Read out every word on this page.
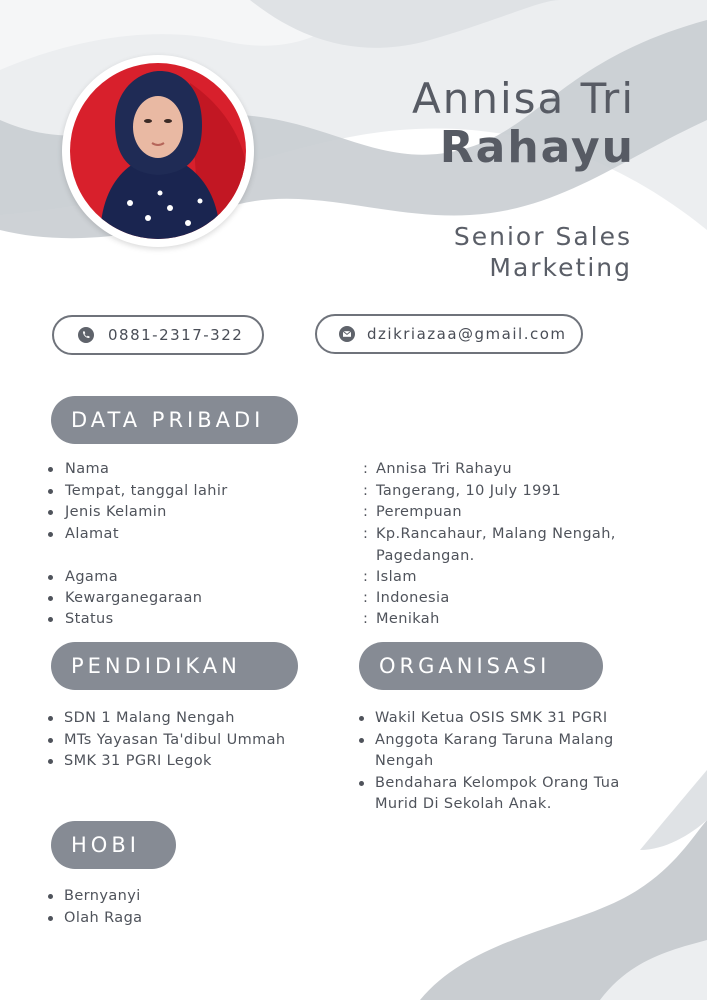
Annisa Tri
Rahayu
Senior Sales
Marketing
0881-2317-322	dzikriazaa@gmail.com
DATA PRIBADI
Nama	: Annisa Tri Rahayu
Tempat, tanggal lahir	: Tangerang, 10 July 1991
Jenis Kelamin	: Perempuan
Alamat	: Kp.Rancahaur, Malang Nengah, Pagedangan.
Agama	: Islam
Kewarganegaraan	: Indonesia
Status	: Menikah
PENDIDIKAN	ORGANISASI
SDN 1 Malang Nengah
MTs Yayasan Ta'dibul Ummah
SMK 31 PGRI Legok
Wakil Ketua OSIS SMK 31 PGRI
Anggota Karang Taruna Malang Nengah
Bendahara Kelompok Orang Tua Murid Di Sekolah Anak.
HOBI
Bernyanyi
Olah Raga
